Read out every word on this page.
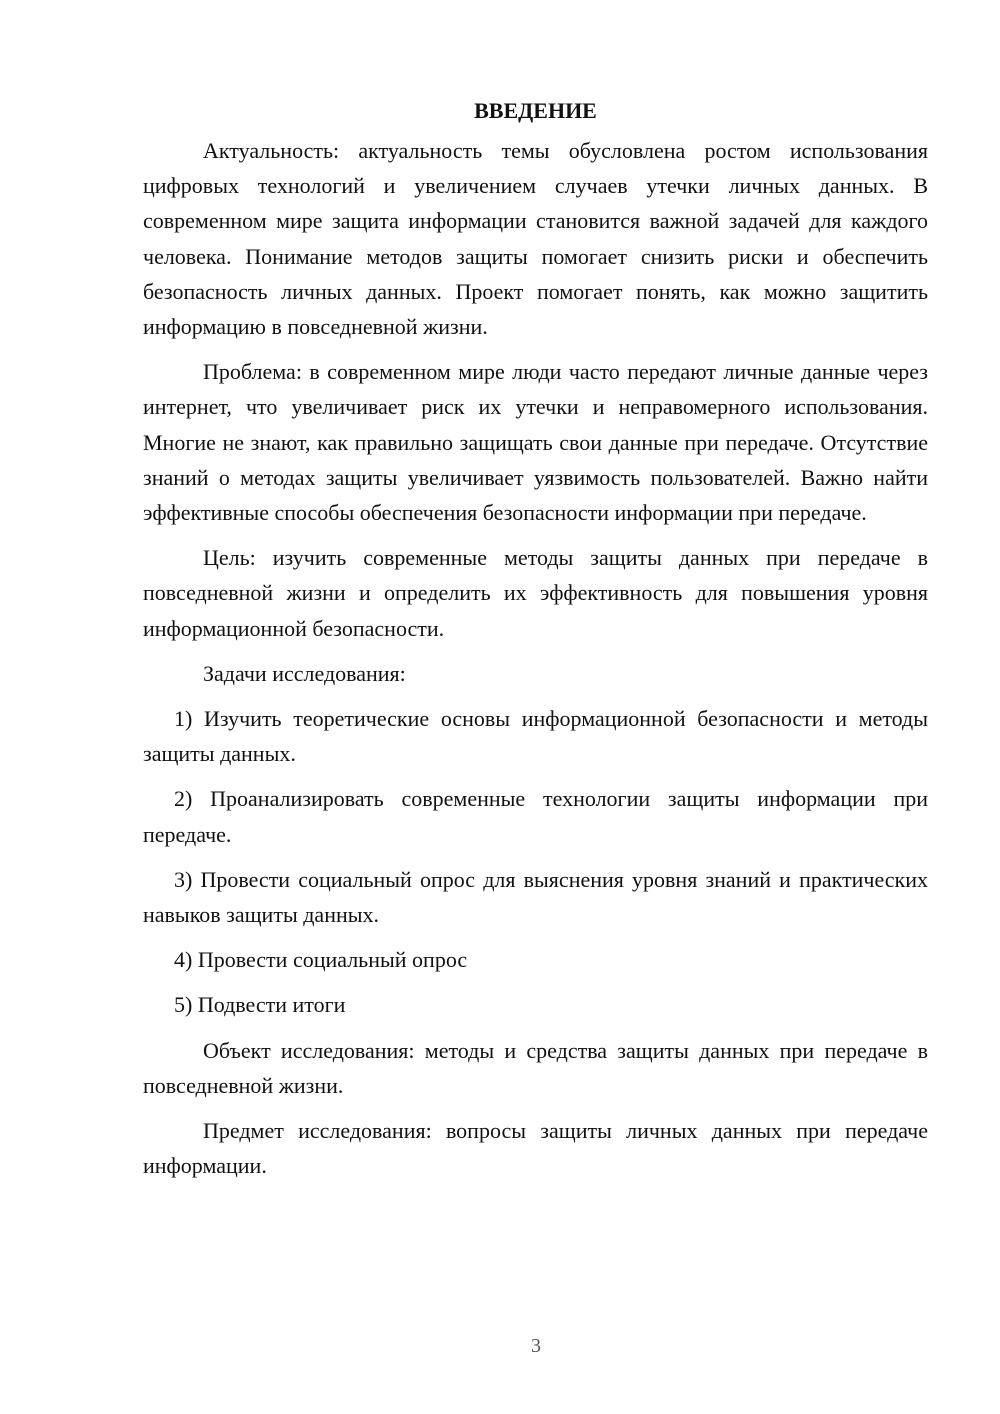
ВВЕДЕНИЕ

Актуальность: актуальность темы обусловлена ростом использования цифровых технологий и увеличением случаев утечки личных данных. В современном мире защита информации становится важной задачей для каждого человека. Понимание методов защиты помогает снизить риски и обеспечить безопасность личных данных. Проект помогает понять, как можно защитить информацию в повседневной жизни.

Проблема: в современном мире люди часто передают личные данные через интернет, что увеличивает риск их утечки и неправомерного использования. Многие не знают, как правильно защищать свои данные при передаче. Отсутствие знаний о методах защиты увеличивает уязвимость пользователей. Важно найти эффективные способы обеспечения безопасности информации при передаче.

Цель: изучить современные методы защиты данных при передаче в повседневной жизни и определить их эффективность для повышения уровня информационной безопасности.

Задачи исследования:

1) Изучить теоретические основы информационной безопасности и методы защиты данных.

2) Проанализировать современные технологии защиты информации при передаче.

3) Провести социальный опрос для выяснения уровня знаний и практических навыков защиты данных.

4) Провести социальный опрос

5) Подвести итоги

Объект исследования: методы и средства защиты данных при передаче в повседневной жизни.

Предмет исследования: вопросы защиты личных данных при передаче информации.

3
